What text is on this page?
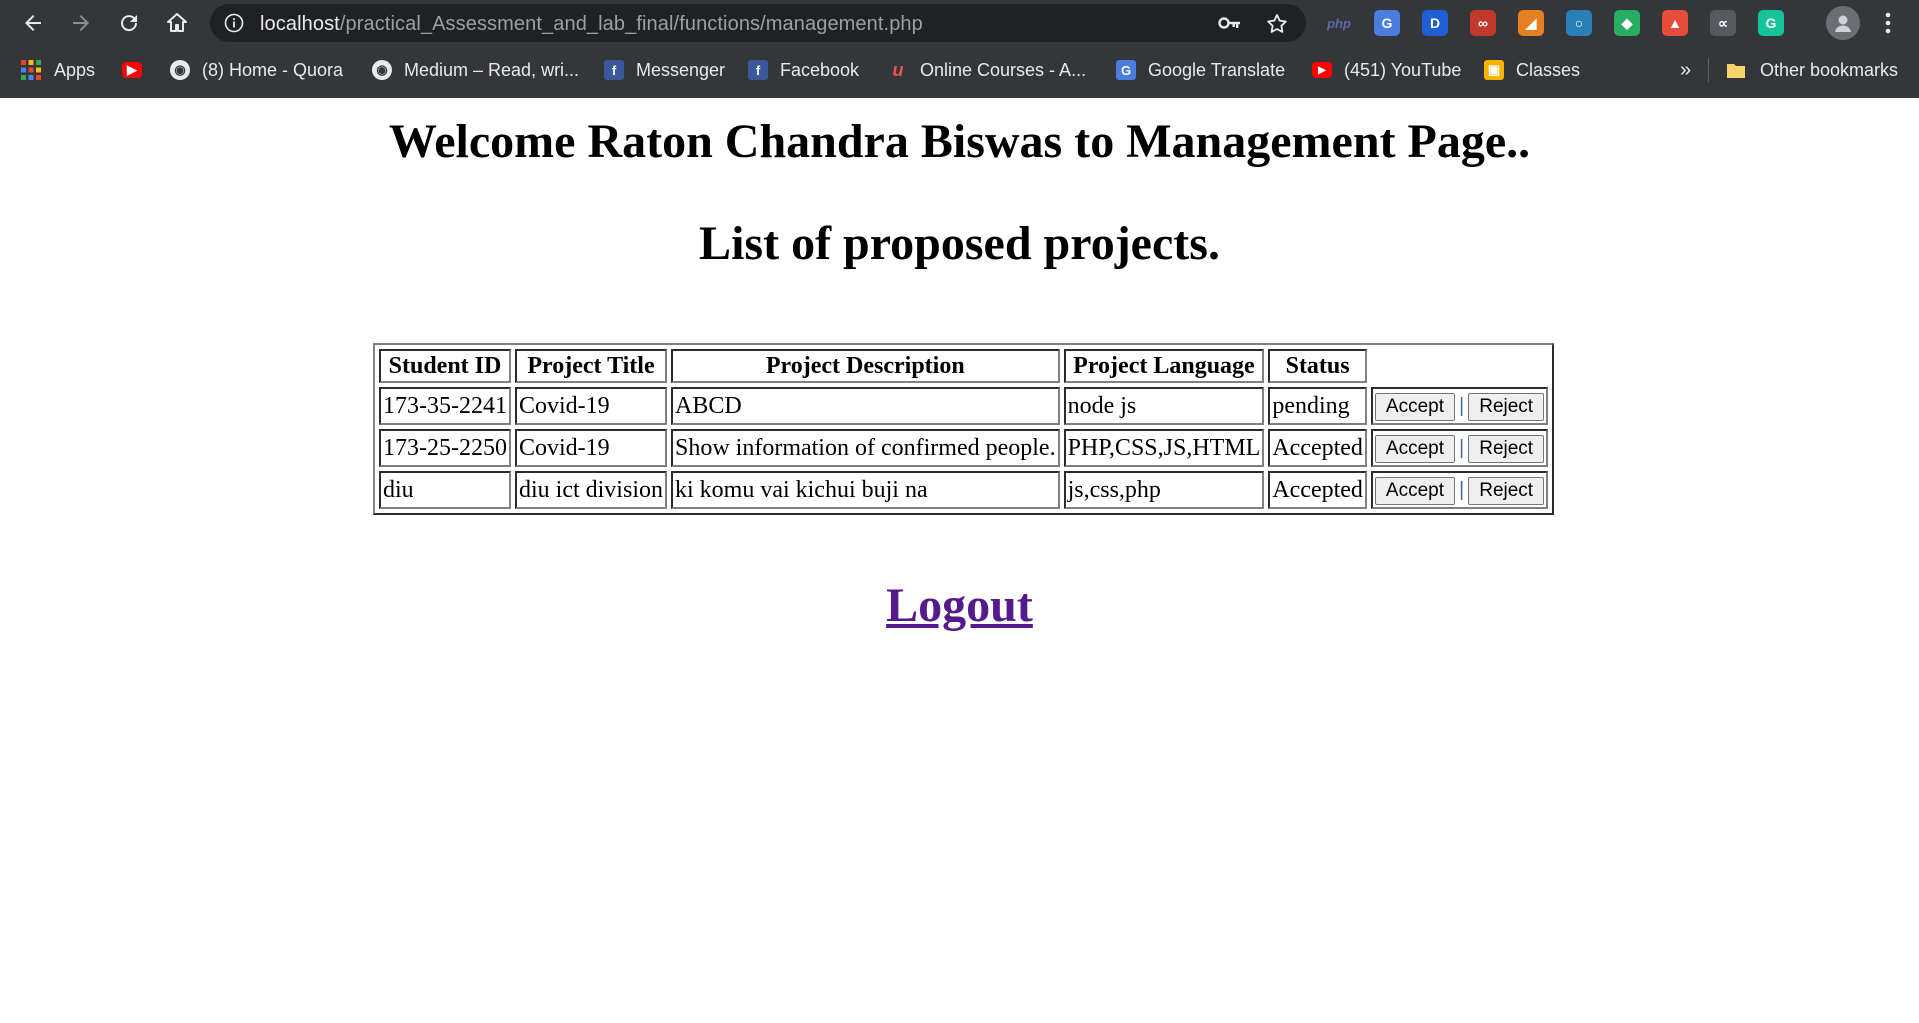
localhost/practical_Assessment_and_lab_final/functions/management.php	php	G	D	∞	◢	○	◆	▲	∝	G
Apps	▶	◉ (8) Home - Quora	◉ Medium – Read, wri...	f	Messenger	f	Facebook u Online Courses - A...	G Google Translate	▶	(451) YouTube ▣ Classes	»	Other bookmarks
Welcome Raton Chandra Biswas to Management Page..
List of proposed projects.
Student ID	Project Title	Project Description	Project Language	Status	
173-35-2241	Covid-19	ABCD	node js	pending	Accept | Reject
173-25-2250	Covid-19	Show information of confirmed people.	PHP,CSS,JS,HTML	Accepted	Accept | Reject
diu	diu ict division	ki komu vai kichui buji na	js,css,php	Accepted	Accept | Reject
Logout
